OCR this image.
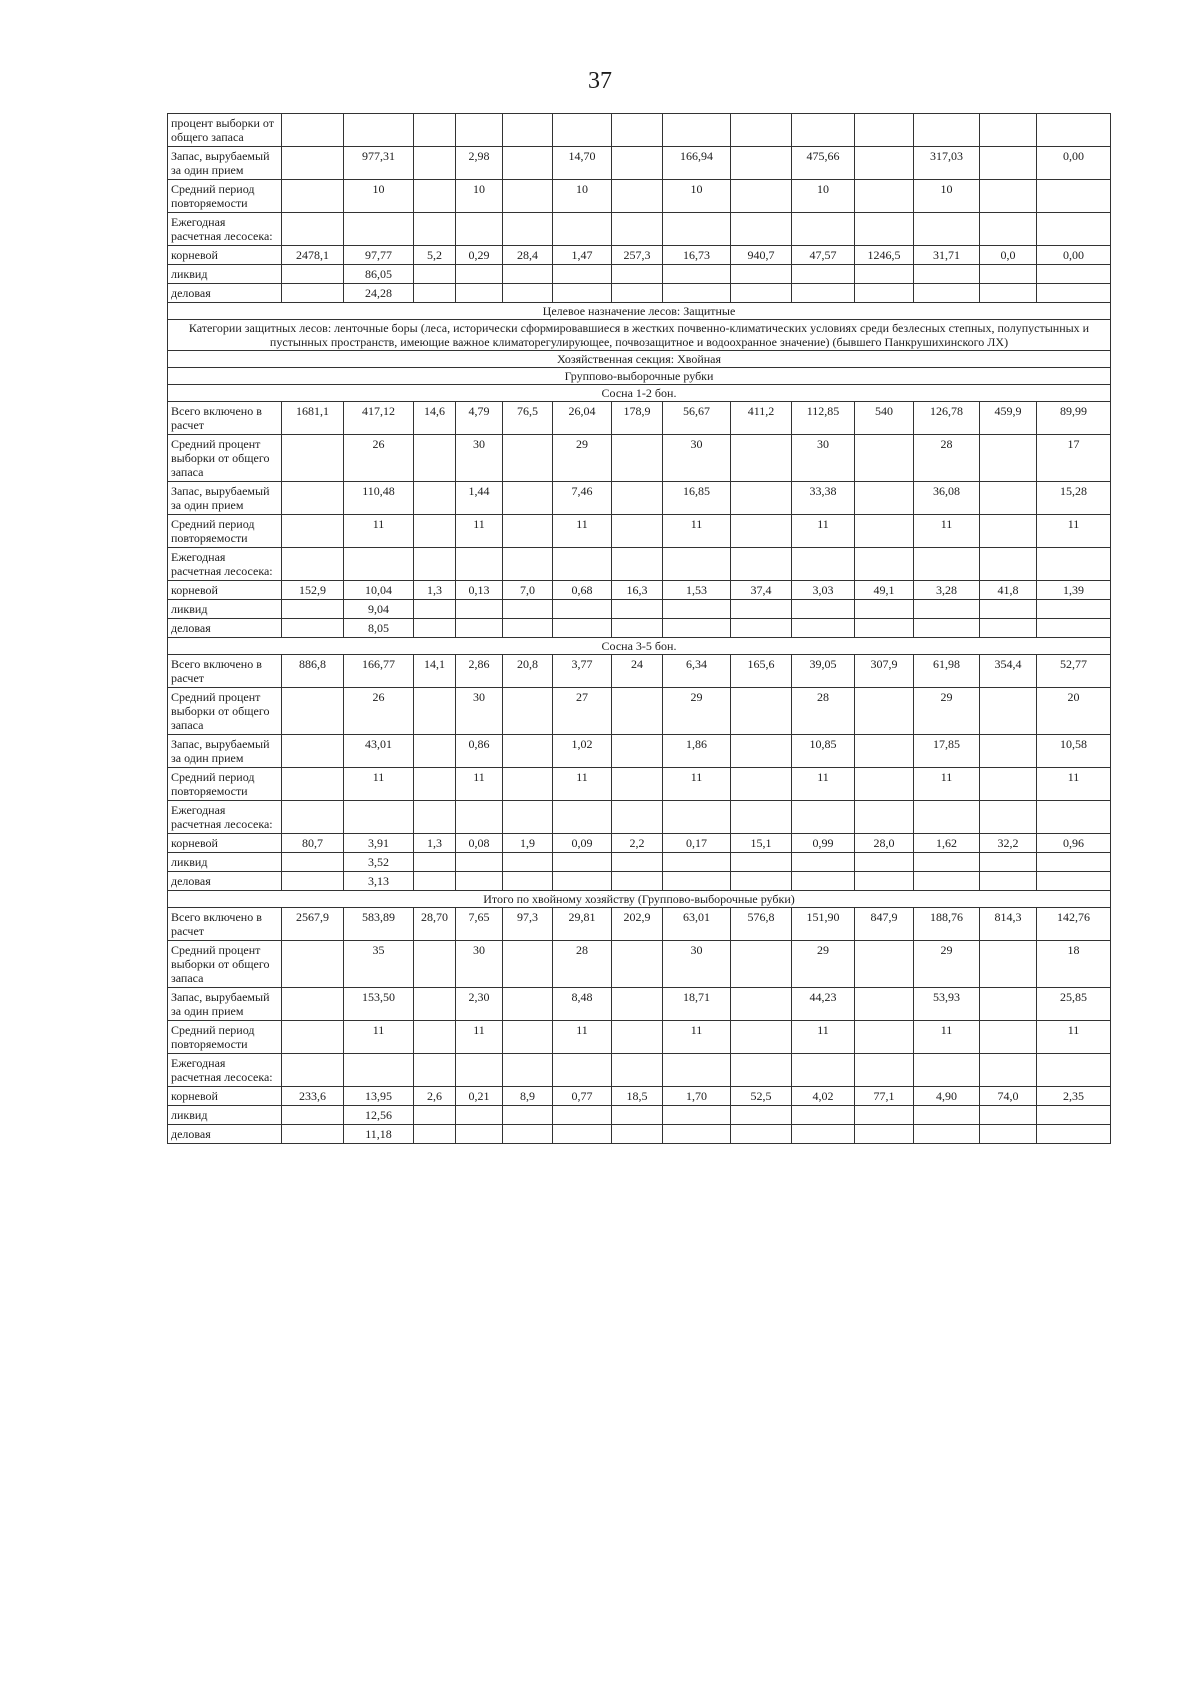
37
процент выборки от общего запаса														
Запас, вырубаемый за один прием		977,31		2,98		14,70		166,94		475,66		317,03		0,00
Средний период повторяемости		10		10		10		10		10		10		
Ежегодная расчетная лесосека:														
корневой	2478,1	97,77	5,2	0,29	28,4	1,47	257,3	16,73	940,7	47,57	1246,5	31,71	0,0	0,00
ликвид		86,05												
деловая		24,28												
Целевое назначение лесов: Защитные														
Категории защитных лесов: ленточные боры (леса, исторически сформировавшиеся в жестких почвенно-климатических условиях среди безлесных степных, полупустынных и пустынных пространств, имеющие важное климаторегулирующее, почвозащитное и водоохранное значение) (бывшего Панкрушихинского ЛХ)														
Хозяйственная секция: Хвойная														
Группово-выборочные рубки														
Сосна 1-2 бон.														
Всего включено в расчет	1681,1	417,12	14,6	4,79	76,5	26,04	178,9	56,67	411,2	112,85	540	126,78	459,9	89,99
Средний процент выборки от общего запаса		26		30		29		30		30		28		17
Запас, вырубаемый за один прием		110,48		1,44		7,46		16,85		33,38		36,08		15,28
Средний период повторяемости		11		11		11		11		11		11		11
Ежегодная расчетная лесосека:														
корневой	152,9	10,04	1,3	0,13	7,0	0,68	16,3	1,53	37,4	3,03	49,1	3,28	41,8	1,39
ликвид		9,04												
деловая		8,05												
Сосна 3-5 бон.														
Всего включено в расчет	886,8	166,77	14,1	2,86	20,8	3,77	24	6,34	165,6	39,05	307,9	61,98	354,4	52,77
Средний процент выборки от общего запаса		26		30		27		29		28		29		20
Запас, вырубаемый за один прием		43,01		0,86		1,02		1,86		10,85		17,85		10,58
Средний период повторяемости		11		11		11		11		11		11		11
Ежегодная расчетная лесосека:														
корневой	80,7	3,91	1,3	0,08	1,9	0,09	2,2	0,17	15,1	0,99	28,0	1,62	32,2	0,96
ликвид		3,52												
деловая		3,13												
Итого по хвойному хозяйству (Группово-выборочные рубки)														
Всего включено в расчет	2567,9	583,89	28,70	7,65	97,3	29,81	202,9	63,01	576,8	151,90	847,9	188,76	814,3	142,76
Средний процент выборки от общего запаса		35		30		28		30		29		29		18
Запас, вырубаемый за один прием		153,50		2,30		8,48		18,71		44,23		53,93		25,85
Средний период повторяемости		11		11		11		11		11		11		11
Ежегодная расчетная лесосека:														
корневой	233,6	13,95	2,6	0,21	8,9	0,77	18,5	1,70	52,5	4,02	77,1	4,90	74,0	2,35
ликвид		12,56												
деловая		11,18												
